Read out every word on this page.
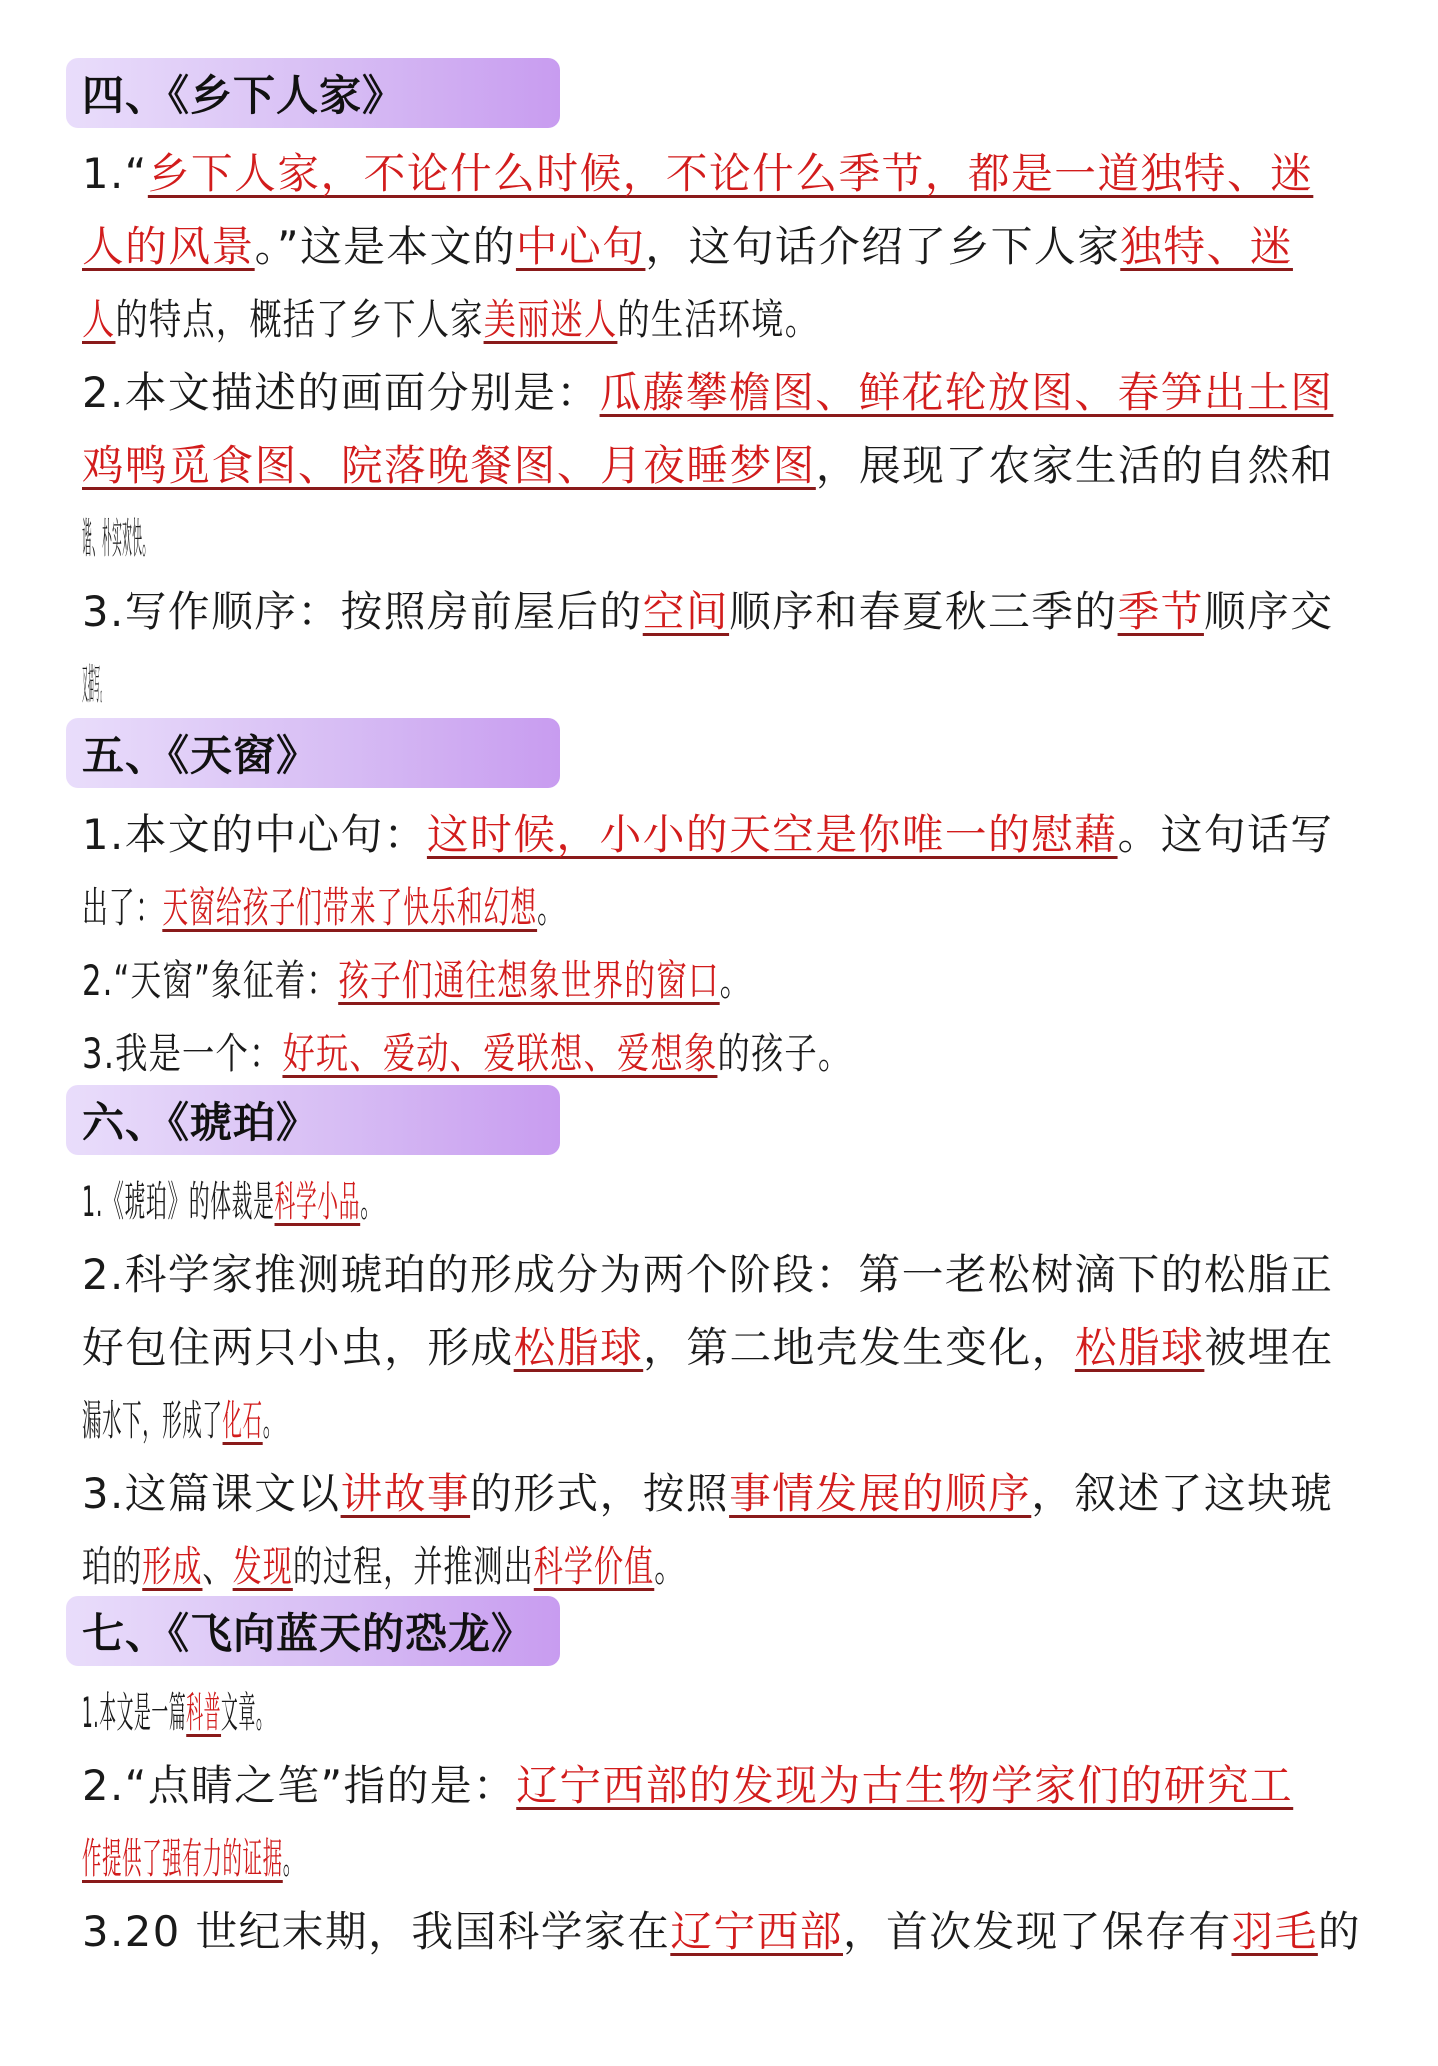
四、《乡下人家》
1.“乡下人家，不论什么时候，不论什么季节，都是一道独特、迷
人的风景。”这是本文的中心句，这句话介绍了乡下人家独特、迷
人的特点，概括了乡下人家美丽迷人的生活环境。
2.本文描述的画面分别是：瓜藤攀檐图、鲜花轮放图、春笋出土图
鸡鸭觅食图、院落晚餐图、月夜睡梦图，展现了农家生活的自然和
谐、朴实欢快。
3.写作顺序：按照房前屋后的空间顺序和春夏秋三季的季节顺序交
叉描写。
五、《天窗》
1.本文的中心句：这时候，小小的天空是你唯一的慰藉。这句话写
出了：天窗给孩子们带来了快乐和幻想。
2.“天窗”象征着：孩子们通往想象世界的窗口。
3.我是一个：好玩、爱动、爱联想、爱想象的孩子。
六、《琥珀》
1.《琥珀》的体裁是科学小品。
2.科学家推测琥珀的形成分为两个阶段：第一老松树滴下的松脂正
好包住两只小虫，形成松脂球，第二地壳发生变化，松脂球被埋在
漏水下，形成了化石。
3.这篇课文以讲故事的形式，按照事情发展的顺序，叙述了这块琥
珀的形成、发现的过程，并推测出科学价值。
七、《飞向蓝天的恐龙》
1.本文是一篇科普文章。
2.“点睛之笔”指的是：辽宁西部的发现为古生物学家们的研究工
作提供了强有力的证据。
3.20 世纪末期，我国科学家在辽宁西部，首次发现了保存有羽毛的
